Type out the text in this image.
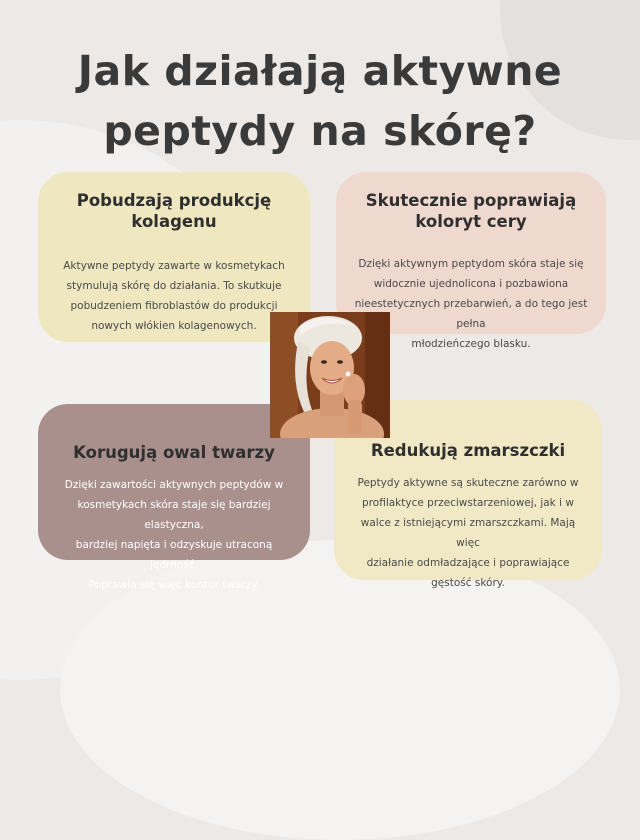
Jak działają aktywne
peptydy na skórę?
Pobudzają produkcję
kolagenu

Aktywne peptydy zawarte w kosmetykach
stymulują skórę do działania. To skutkuje
pobudzeniem fibroblastów do produkcji
nowych włókien kolagenowych.

Skutecznie poprawiają
koloryt cery

Dzięki aktywnym peptydom skóra staje się
widocznie ujednolicona i pozbawiona
nieestetycznych przebarwień, a do tego jest pełna
młodzieńczego blasku.

Korugują owal twarzy

Dzięki zawartości aktywnych peptydów w
kosmetykach skóra staje się bardziej elastyczna,
bardziej napięta i odzyskuje utraconą jędrność.
Poprawia się więc kontur twarzy.

Redukują zmarszczki

Peptydy aktywne są skuteczne zarówno w
profilaktyce przeciwstarzeniowej, jak i w
walce z istniejącymi zmarszczkami. Mają więc
działanie odmładzające i poprawiające
gęstość skóry.
